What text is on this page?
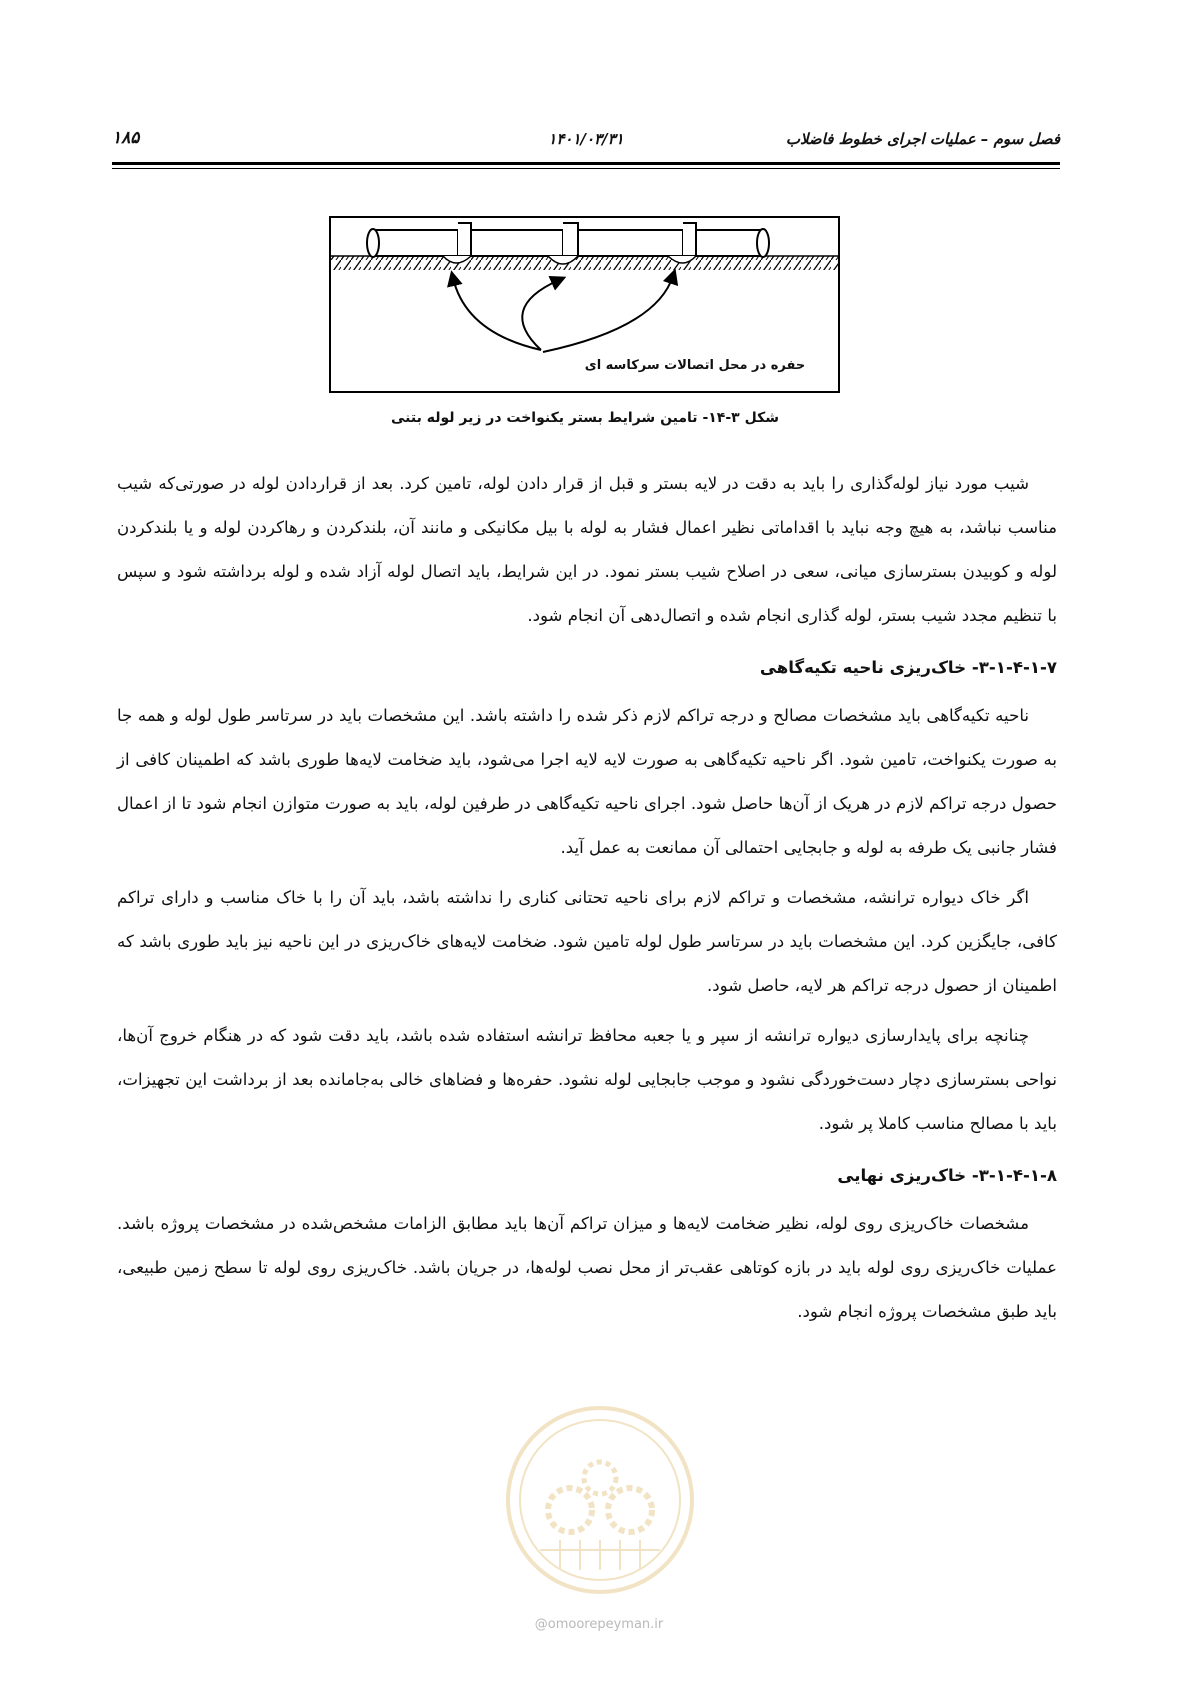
فصل سوم – عملیات اجرای خطوط فاضلاب
۱۴۰۱/۰۳/۳۱
۱۸۵
حفره در محل اتصالات سرکاسه ای
شکل ۳-۱۴- تامین شرایط بستر یکنواخت در زیر لوله بتنی

شیب مورد نیاز لوله‌گذاری را باید به دقت در لایه بستر و قبل از قرار دادن لوله، تامین کرد. بعد از قراردادن لوله در صورتی‌که شیب مناسب نباشد، به هیچ وجه نباید با اقداماتی نظیر اعمال فشار به لوله با بیل مکانیکی و مانند آن، بلندکردن و رهاکردن لوله و یا بلندکردن لوله و کوبیدن بسترسازی میانی، سعی در اصلاح شیب بستر نمود. در این شرایط، باید اتصال لوله آزاد شده و لوله برداشته شود و سپس با تنظیم مجدد شیب بستر، لوله گذاری انجام شده و اتصال‌دهی آن انجام شود.

۳-۱-۴-۱-۷- خاک‌ریزی ناحیه تکیه‌گاهی

ناحیه تکیه‌گاهی باید مشخصات مصالح و درجه تراکم لازم ذکر شده را داشته باشد. این مشخصات باید در سرتاسر طول لوله و همه جا به صورت یکنواخت، تامین شود. اگر ناحیه تکیه‌گاهی به صورت لایه لایه اجرا می‌شود، باید ضخامت لایه‌ها طوری باشد که اطمینان کافی از حصول درجه تراکم لازم در هریک از آن‌ها حاصل شود. اجرای ناحیه تکیه‌گاهی در طرفین لوله، باید به صورت متوازن انجام شود تا از اعمال فشار جانبی یک طرفه به لوله و جابجایی احتمالی آن ممانعت به عمل آید.

اگر خاک دیواره ترانشه، مشخصات و تراکم لازم برای ناحیه تحتانی کناری را نداشته باشد، باید آن را با خاک مناسب و دارای تراکم کافی، جایگزین کرد. این مشخصات باید در سرتاسر طول لوله تامین شود. ضخامت لایه‌های خاک‌ریزی در این ناحیه نیز باید طوری باشد که اطمینان از حصول درجه تراکم هر لایه، حاصل شود.

چنانچه برای پایدارسازی دیواره ترانشه از سپر و یا جعبه محافظ ترانشه استفاده شده باشد، باید دقت شود که در هنگام خروج آن‌ها، نواحی بسترسازی دچار دست‌خوردگی نشود و موجب جابجایی لوله نشود. حفره‌ها و فضاهای خالی به‌جامانده بعد از برداشت این تجهیزات، باید با مصالح مناسب کاملا پر شود.

۳-۱-۴-۱-۸- خاک‌ریزی نهایی

مشخصات خاک‌ریزی روی لوله، نظیر ضخامت لایه‌ها و میزان تراکم آن‌ها باید مطابق الزامات مشخص‌شده در مشخصات پروژه باشد. عملیات خاک‌ریزی روی لوله باید در بازه کوتاهی عقب‌تر از محل نصب لوله‌ها، در جریان باشد. خاک‌ریزی روی لوله تا سطح زمین طبیعی، باید طبق مشخصات پروژه انجام شود.

@omoorepeyman.ir
